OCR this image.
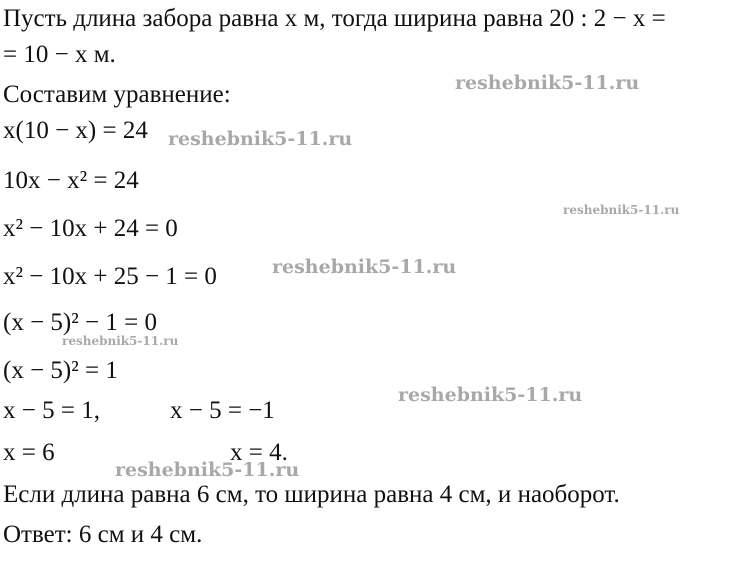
Пусть длина забора равна x м, тогда ширина равна 20 : 2 − x =
= 10 − x м.
Составим уравнение:
x(10 − x) = 24
10x − x² = 24
x² − 10x + 24 = 0
x² − 10x + 25 − 1 = 0
(x − 5)² − 1 = 0
(x − 5)² = 1
x − 5 = 1,	x − 5 = −1
x = 6	x = 4.
Если длина равна 6 см, то ширина равна 4 см, и наоборот.
Ответ: 6 см и 4 см.
reshebnik5-11.ru
reshebnik5-11.ru
reshebnik5-11.ru
reshebnik5-11.ru
reshebnik5-11.ru
reshebnik5-11.ru
reshebnik5-11.ru
